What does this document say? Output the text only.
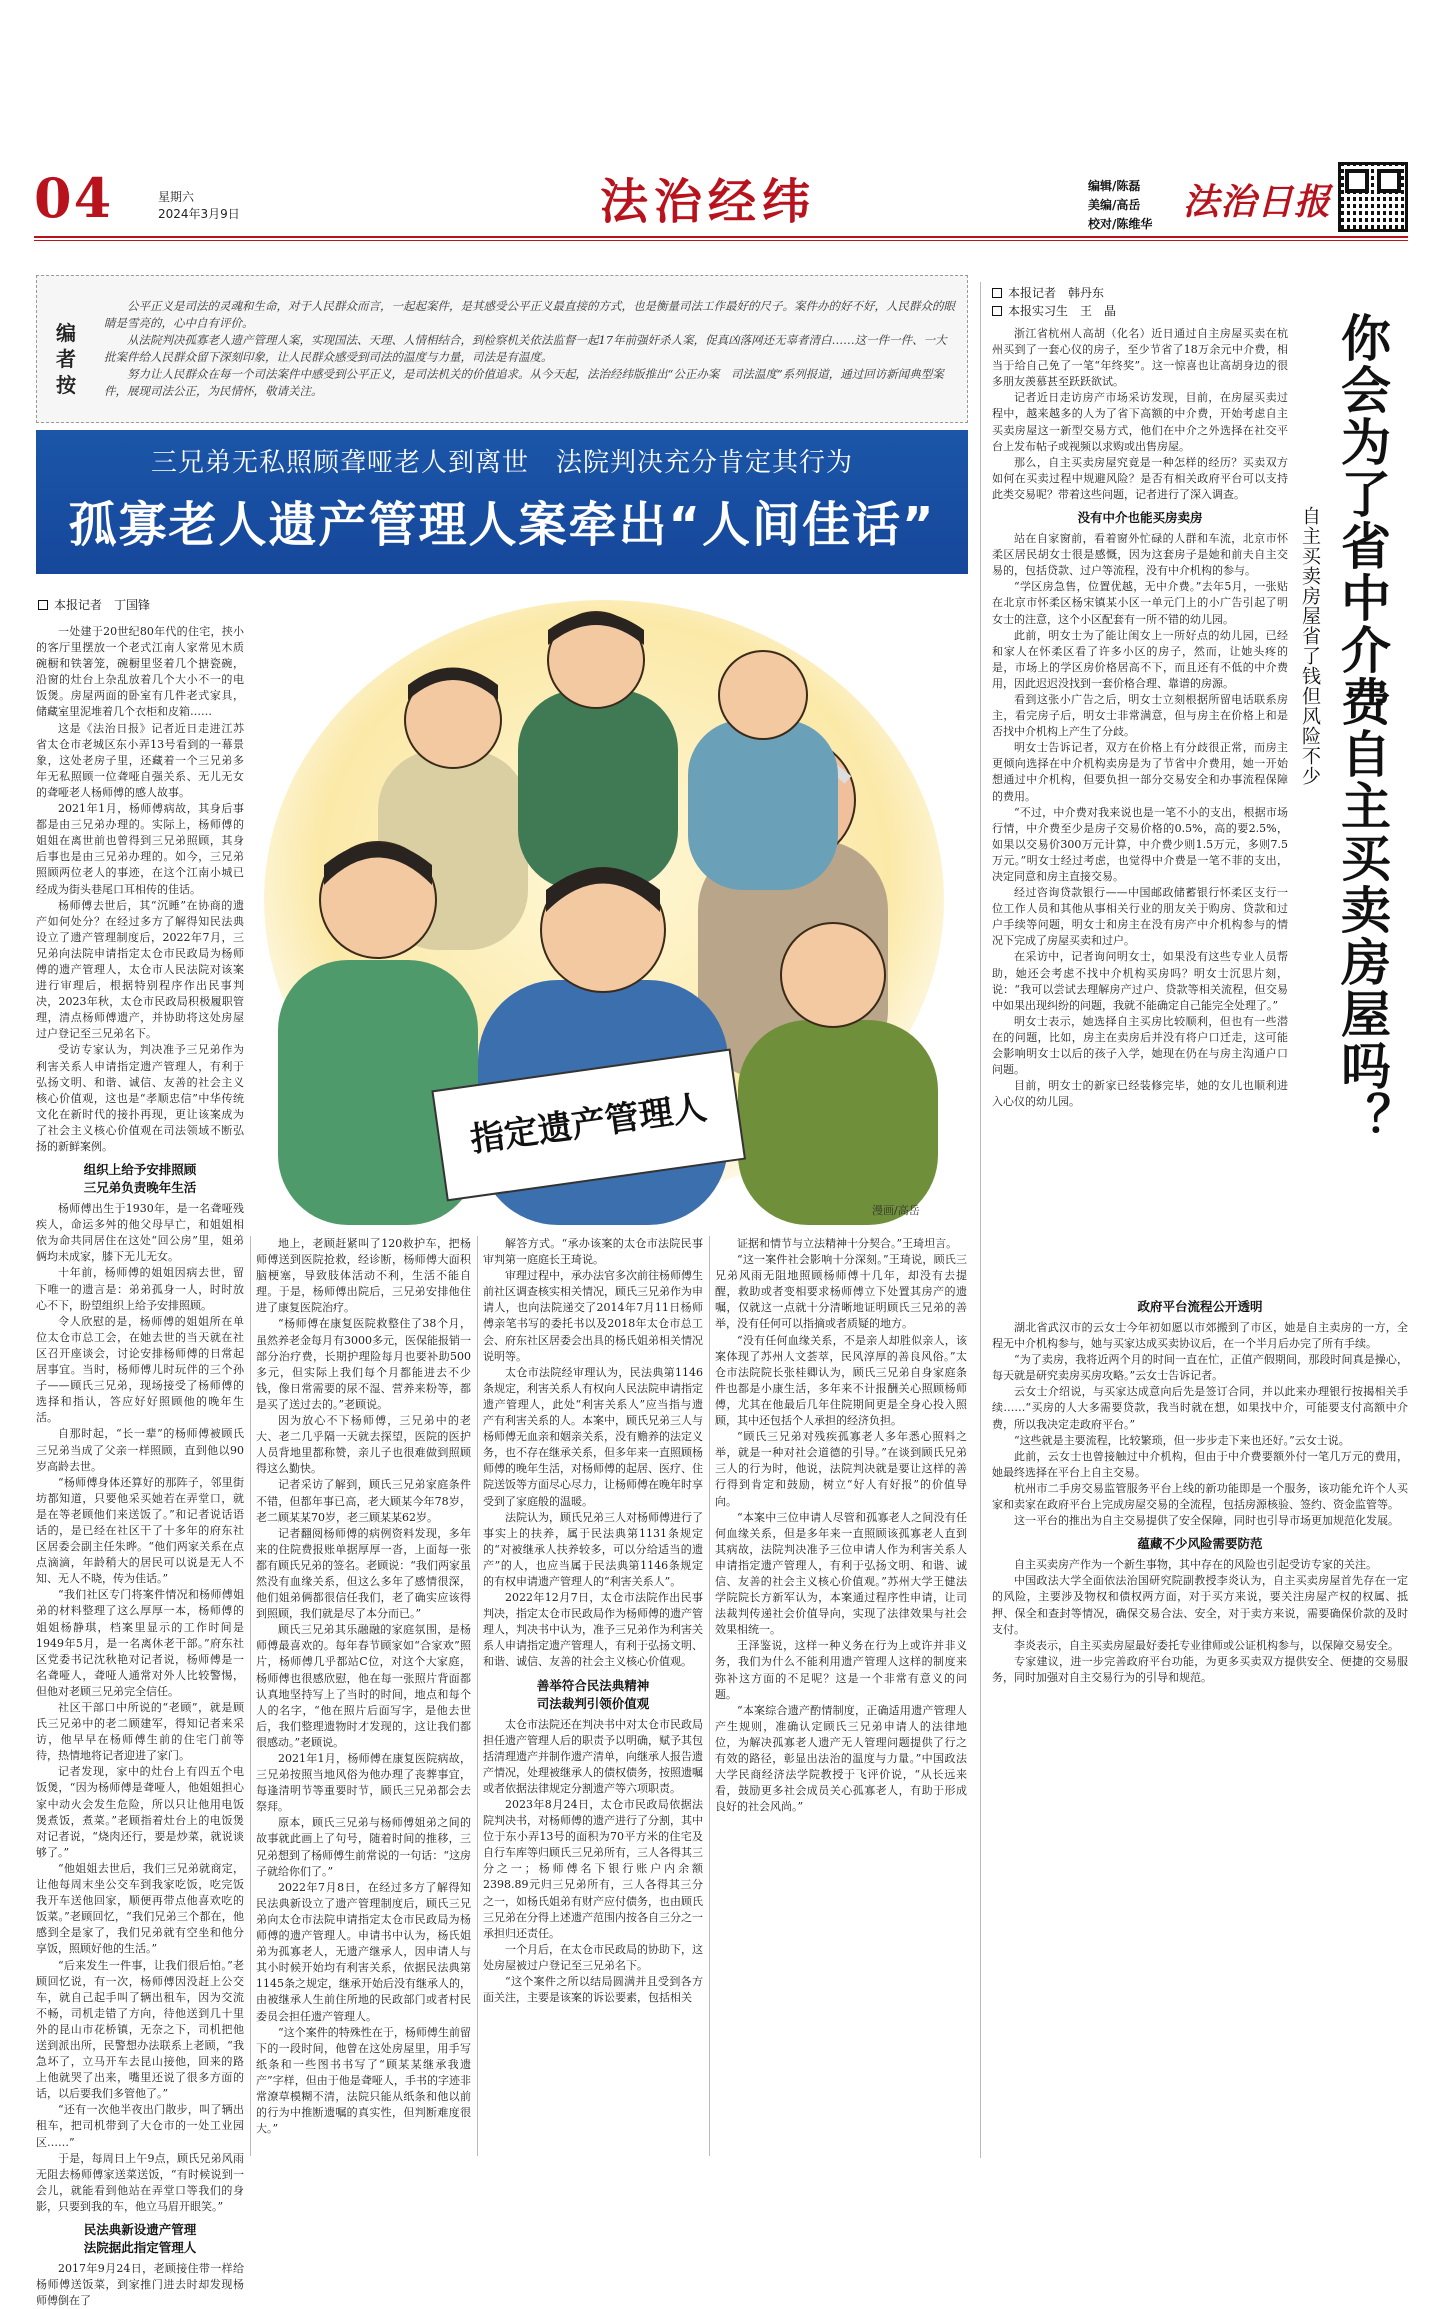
04	星期六
2024年3月9日	法治经纬	编辑/陈磊
美编/高岳
校对/陈维华
法治日报
编者按

公平正义是司法的灵魂和生命，对于人民群众而言，一起起案件，是其感受公平正义最直接的方式，也是衡量司法工作最好的尺子。案件办的好不好，人民群众的眼睛是雪亮的，心中自有评价。

从法院判决孤寡老人遗产管理人案，实现国法、天理、人情相结合，到检察机关依法监督一起17年前强奸杀人案，促真凶落网还无辜者清白……这一件一件、一大批案件给人民群众留下深刻印象，让人民群众感受到司法的温度与力量，司法是有温度。

努力让人民群众在每一个司法案件中感受到公平正义，是司法机关的价值追求。从今天起，法治经纬版推出“公正办案　司法温度”系列报道，通过回访新闻典型案件，展现司法公正，为民情怀，敬请关注。

三兄弟无私照顾聋哑老人到离世　法院判决充分肯定其行为
孤寡老人遗产管理人案牵出“人间佳话”
本报记者　丁国锋
指定遗产管理人
漫画/高岳

一处建于20世纪80年代的住宅，挟小的客厅里摆放一个老式江南人家常见木质碗橱和铁箸笼，碗橱里竖着几个搪瓷碗，沿窗的灶台上杂乱放着几个大小不一的电饭煲。房屋两面的卧室有几件老式家具，储藏室里泥堆着几个衣柜和皮箱……

这是《法治日报》记者近日走进江苏省太仓市老城区东小弄13号看到的一幕景象，这处老房子里，还藏着一个三兄弟多年无私照顾一位聋哑自强关系、无儿无女的聋哑老人杨师傅的感人故事。

2021年1月，杨师傅病故，其身后事都是由三兄弟办理的。实际上，杨师傅的姐姐在离世前也曾得到三兄弟照顾，其身后事也是由三兄弟办理的。如今，三兄弟照顾两位老人的事迹，在这个江南小城已经成为街头巷尾口耳相传的佳话。

杨师傅去世后，其“沉睡”在协商的遗产如何处分？在经过多方了解得知民法典设立了遗产管理制度后，2022年7月，三兄弟向法院申请指定太仓市民政局为杨师傅的遗产管理人，太仓市人民法院对该案进行审理后，根据特别程序作出民事判决，2023年秋，太仓市民政局积极履职管理，清点杨师傅遗产，并协助将这处房屋过户登记至三兄弟名下。

受访专家认为，判决准予三兄弟作为利害关系人申请指定遗产管理人，有利于弘扬文明、和谐、诚信、友善的社会主义核心价值观，这也是“孝顺忠信”中华传统文化在新时代的接扑再现，更让该案成为了社会主义核心价值观在司法领域不断弘扬的新鲜案例。

组织上给予安排照顾
三兄弟负责晚年生活

杨师傅出生于1930年，是一名聋哑残疾人，命运多舛的他父母早亡，和姐姐相依为命共同居住在这处“回公房”里，姐弟俩均未成家，膝下无儿无女。

十年前，杨师傅的姐姐因病去世，留下唯一的遗言是：弟弟孤身一人，时时放心不下，盼望组织上给予安排照顾。

令人欣慰的是，杨师傅的姐姐所在单位太仓市总工会，在她去世的当天就在社区召开座谈会，讨论安排杨师傅的日常起居事宜。当时，杨师傅儿时玩伴的三个孙子——顾氏三兄弟，现场接受了杨师傅的选择和指认，答应好好照顾他的晚年生活。

自那时起，“长一辈”的杨师傅被顾氏三兄弟当成了父亲一样照顾，直到他以90岁高龄去世。

“杨师傅身体还算好的那阵子，邻里街坊都知道，只要他采买她若在弄堂口，就是在等老顾他们来送饭了。”和记者说话语话的，是已经在社区干了十多年的府东社区居委会副主任朱晔。“他们两家关系在点点滴滴，年龄稍大的居民可以说是无人不知、无人不晓，传为佳话。”

“我们社区专门将案件情况和杨师傅姐弟的材料整理了这么厚厚一本，杨师傅的姐姐杨静琪，档案里显示的工作时间是1949年5月，是一名离休老干部。”府东社区党委书记沈秋艳对记者说，杨师傅是一名聋哑人，聋哑人通常对外人比较警惕，但他对老顾三兄弟完全信任。

社区干部口中所说的“老顾”，就是顾氏三兄弟中的老二顾建军，得知记者来采访，他早早在杨师傅生前的住宅门前等待，热情地将记者迎进了家门。

记者发现，家中的灶台上有四五个电饭煲，“因为杨师傅是聋哑人，他姐姐担心家中动火会发生危险，所以只让他用电饭煲煮饭，煮菜。”老顾指着灶台上的电饭煲对记者说，“烧肉还行，要是炒菜，就说谈够了。”

“他姐姐去世后，我们三兄弟就商定，让他每周末坐公交车到我家吃饭，吃完饭我开车送他回家，顺便再带点他喜欢吃的饭菜。”老顾回忆，“我们兄弟三个都在，他感到全是家了，我们兄弟就有空坐和他分享饭，照顾好他的生活。”

“后来发生一件事，让我们很后怕。”老顾回忆说，有一次，杨师傅因没赶上公交车，就自己起手叫了辆出租车，因为交流不畅，司机走错了方向，待他送到几十里外的昆山市花桥镇，无奈之下，司机把他送到派出所，民警想办法联系上老顾，“我急坏了，立马开车去昆山接他，回来的路上他就哭了出来，嘴里还说了很多方面的话，以后要我们多管他了。”

“还有一次他半夜出门散步，叫了辆出租车，把司机带到了大仓市的一处工业园区……”

于是，每周日上午9点，顾氏兄弟风雨无阻去杨师傅家送菜送饭，“有时候说到一会儿，就能看到他站在弄堂口等我们的身影，只要到我的车，他立马眉开眼笑。”

民法典新设遗产管理
法院据此指定管理人

2017年9月24日，老顾接住带一样给杨师傅送饭菜，到家推门进去时却发现杨师傅倒在了

地上，老顾赶紧叫了120救护车，把杨师傅送到医院抢救，经诊断，杨师傅大面积脑梗塞，导致肢体活动不利，生活不能自理。于是，杨师傅出院后，三兄弟安排他住进了康复医院治疗。

“杨师傅在康复医院救整住了38个月，虽然养老金每月有3000多元，医保能报销一部分治疗费，长期护理险每月也要补助500多元，但实际上我们每个月都能进去不少钱，像日常需要的尿不湿、营养来粉等，都是买了送过去的。”老顾说。

因为放心不下杨师傅，三兄弟中的老大、老二几乎隔一天就去探望，医院的医护人员背地里都称赞，亲儿子也很难做到照顾得这么勤快。

记者采访了解到，顾氏三兄弟家庭条件不错，但都年事已高，老大顾某今年78岁，老二顾某某70岁，老三顾某某62岁。

记者翻阅杨师傅的病例资料发现，多年来的住院费报账单据厚厚一沓，上面每一张都有顾氏兄弟的签名。老顾说：“我们两家虽然没有血缘关系，但这么多年了感情很深，他们姐弟俩都很信任我们，老了确实应该得到照顾，我们就是尽了本分而已。”

顾氏三兄弟其乐融融的家庭氛围，是杨师傅最喜欢的。每年春节顾家如“合家欢”照片，杨师傅几乎都站C位，对这个大家庭，杨师傅也很感欣慰，他在每一张照片背面都认真地坚持写上了当时的时间，地点和每个人的名字，“他在照片后面写字，是他去世后，我们整理遗物时才发现的，这让我们都很感动。”老顾说。

2021年1月，杨师傅在康复医院病故，三兄弟按照当地风俗为他办理了丧葬事宜，每逢清明节等重要时节，顾氏三兄弟都会去祭拜。

原本，顾氏三兄弟与杨师傅姐弟之间的故事就此画上了句号，随着时间的推移，三兄弟想到了杨师傅生前常说的一句话：“这房子就给你们了。”

2022年7月8日，在经过多方了解得知民法典新设立了遗产管理制度后，顾氏三兄弟向太仓市法院申请指定太仓市民政局为杨师傅的遗产管理人。申请书中认为，杨氏姐弟为孤寡老人，无遗产继承人，因申请人与其小时候开始均有利害关系，依据民法典第1145条之规定，继承开始后没有继承人的，由被继承人生前住所地的民政部门或者村民委员会担任遗产管理人。

“这个案件的特殊性在于，杨师傅生前留下的一段时间，他曾在这处房屋里，用手写纸条和一些图书书写了“顾某某继承我遗产”字样，但由于他是聋哑人，手书的字迹非常潦草模糊不清，法院只能从纸条和他以前的行为中推断遗嘱的真实性，但判断难度很大。”

解答方式。“承办该案的太仓市法院民事审判第一庭庭长王琦说。

审理过程中，承办法官多次前往杨师傅生前社区调查核实相关情况，顾氏三兄弟作为申请人，也向法院递交了2014年7月11日杨师傅亲笔书写的委托书以及2018年太仓市总工会、府东社区居委会出具的杨氏姐弟相关情况说明等。

太仓市法院经审理认为，民法典第1146条规定，利害关系人有权向人民法院申请指定遗产管理人，此处“利害关系人”应当指与遗产有利害关系的人。本案中，顾氏兄弟三人与杨师傅无血亲和姻亲关系，没有赡养的法定义务，也不存在继承关系，但多年来一直照顾杨师傅的晚年生活，对杨师傅的起居、医疗、住院送饭等方面尽心尽力，让杨师傅在晚年时享受到了家庭般的温暖。

法院认为，顾氏兄弟三人对杨师傅进行了事实上的扶养，属于民法典第1131条规定的“对被继承人扶养较多，可以分给适当的遗产”的人，也应当属于民法典第1146条规定的有权申请遗产管理人的“利害关系人”。

2022年12月7日，太仓市法院作出民事判决，指定太仓市民政局作为杨师傅的遗产管理人，判决书中认为，准予三兄弟作为利害关系人申请指定遗产管理人，有利于弘扬文明、和谐、诚信、友善的社会主义核心价值观。

善举符合民法典精神
司法裁判引领价值观

太仓市法院还在判决书中对太仓市民政局担任遗产管理人后的职责予以明确，赋予其包括清理遗产并制作遗产清单，向继承人报告遗产情况，处理被继承人的债权债务，按照遗嘱或者依据法律规定分割遗产等六项职责。

2023年8月24日，太仓市民政局依据法院判决书，对杨师傅的遗产进行了分割，其中位于东小弄13号的面积为70平方米的住宅及自行车库等归顾氏三兄弟所有，三人各得其三分之一；杨师傅名下银行账户内余额2398.89元归三兄弟所有，三人各得其三分之一，如杨氏姐弟有财产应付债务，也由顾氏三兄弟在分得上述遗产范围内按各自三分之一承担归还责任。

一个月后，在太仓市民政局的协助下，这处房屋被过户登记至三兄弟名下。

“这个案件之所以结局圆满并且受到各方面关注，主要是该案的诉讼要素，包括相关

证据和情节与立法精神十分契合。”王琦坦言。

“这一案件社会影响十分深刻。”王琦说，顾氏三兄弟风雨无阻地照顾杨师傅十几年，却没有去提醒，救助或者变相要求杨师傅立下处置其房产的遗嘱，仅就这一点就十分清晰地证明顾氏三兄弟的善举，没有任何可以指摘或者质疑的地方。

“没有任何血缘关系，不是亲人却胜似亲人，该案体现了苏州人文荟萃，民风淳厚的善良风俗。”太仓市法院院长张桂卿认为，顾氏三兄弟自身家庭条件也都是小康生活，多年来不计报酬关心照顾杨师傅，尤其在他最后几年住院期间更是全身心投入照顾，其中还包括个人承担的经济负担。

“顾氏三兄弟对残疾孤寡老人多年悉心照料之举，就是一种对社会道德的引导。”在谈到顾氏兄弟三人的行为时，他说，法院判决就是要让这样的善行得到肯定和鼓励，树立“好人有好报”的价值导向。

“本案中三位申请人尽管和孤寡老人之间没有任何血缘关系，但是多年来一直照顾该孤寡老人直到其病故，法院判决准予三位申请人作为利害关系人申请指定遗产管理人，有利于弘扬文明、和谐、诚信、友善的社会主义核心价值观。”苏州大学王健法学院院长方新军认为，本案通过程序性申请，让司法裁判传递社会价值导向，实现了法律效果与社会效果相统一。

王泽鉴说，这样一种义务在行为上或许并非义务，我们为什么不能利用遗产管理人这样的制度来弥补这方面的不足呢？这是一个非常有意义的问题。

“本案综合遗产酌情制度，正确适用遗产管理人产生规则，准确认定顾氏三兄弟申请人的法律地位，为解决孤寡老人遗产无人管理问题提供了行之有效的路径，彰显出法治的温度与力量。”中国政法大学民商经济法学院教授于飞评价说，“从长远来看，鼓励更多社会成员关心孤寡老人，有助于形成良好的社会风尚。”

本报记者　韩丹东
本报实习生　王　晶
你会为了省中介费自主买卖房屋吗？
自主买卖房屋省了钱但风险不少

浙江省杭州人高胡（化名）近日通过自主房屋买卖在杭州买到了一套心仪的房子，至少节省了18万余元中介费，相当于给自己免了一笔“年终奖”。这一惊喜也让高胡身边的很多朋友羡慕甚至跃跃欲试。

记者近日走访房产市场采访发现，目前，在房屋买卖过程中，越来越多的人为了省下高额的中介费，开始考虑自主买卖房屋这一新型交易方式，他们在中介之外选择在社交平台上发布帖子或视频以求购或出售房屋。

那么，自主买卖房屋究竟是一种怎样的经历？买卖双方如何在买卖过程中规避风险？是否有相关政府平台可以支持此类交易呢？带着这些问题，记者进行了深入调查。

没有中介也能买房卖房

站在自家窗前，看着窗外忙碌的人群和车流，北京市怀柔区居民胡女士很是感慨，因为这套房子是她和前夫自主交易的，包括贷款、过户等流程，没有中介机构的参与。

“学区房急售，位置优越，无中介费。”去年5月，一张贴在北京市怀柔区杨宋镇某小区一单元门上的小广告引起了明女士的注意，这个小区配套有一所不错的幼儿园。

此前，明女士为了能让闺女上一所好点的幼儿园，已经和家人在怀柔区看了许多小区的房子，然而，让她头疼的是，市场上的学区房价格居高不下，而且还有不低的中介费用，因此迟迟没找到一套价格合理、靠谱的房源。

看到这张小广告之后，明女士立刻根据所留电话联系房主，看完房子后，明女士非常满意，但与房主在价格上和是否找中介机构上产生了分歧。

明女士告诉记者，双方在价格上有分歧很正常，而房主更倾向选择在中介机构卖房是为了节省中介费用，她一开始想通过中介机构，但要负担一部分交易安全和办事流程保障的费用。

“不过，中介费对我来说也是一笔不小的支出，根据市场行情，中介费至少是房子交易价格的0.5%，高的要2.5%，如果以交易价300万元计算，中介费少则1.5万元，多则7.5万元。”明女士经过考虑，也觉得中介费是一笔不菲的支出，决定同意和房主直接交易。

经过咨询贷款银行——中国邮政储蓄银行怀柔区支行一位工作人员和其他从事相关行业的朋友关于购房、贷款和过户手续等问题，明女士和房主在没有房产中介机构参与的情况下完成了房屋买卖和过户。

在采访中，记者询问明女士，如果没有这些专业人员帮助，她还会考虑不找中介机构买房吗？明女士沉思片刻，说：“我可以尝试去理解房产过户、贷款等相关流程，但交易中如果出现纠纷的问题，我就不能确定自己能完全处理了。”

明女士表示，她选择自主买房比较顺利，但也有一些潜在的问题，比如，房主在卖房后并没有将户口迁走，这可能会影响明女士以后的孩子入学，她现在仍在与房主沟通户口问题。

目前，明女士的新家已经装修完毕，她的女儿也顺利进入心仪的幼儿园。

政府平台流程公开透明

湖北省武汉市的云女士今年初如愿以市郊搬到了市区，她是自主卖房的一方，全程无中介机构参与，她与买家达成买卖协议后，在一个半月后办完了所有手续。

“为了卖房，我将近两个月的时间一直在忙，正值产假期间，那段时间真是操心，每天就是研究卖房买房攻略。”云女士告诉记者。

云女士介绍说，与买家达成意向后先是签订合同，并以此来办理银行按揭相关手续……“买房的人大多需要贷款，我当时就在想，如果找中介，可能要支付高额中介费，所以我决定走政府平台。”

“这些就是主要流程，比较繁琐，但一步步走下来也还好。”云女士说。

此前，云女士也曾接触过中介机构，但由于中介费要额外付一笔几万元的费用，她最终选择在平台上自主交易。

杭州市二手房交易监管服务平台上线的新功能即是一个服务，该功能允许个人买家和卖家在政府平台上完成房屋交易的全流程，包括房源核验、签约、资金监管等。

这一平台的推出为自主交易提供了安全保障，同时也引导市场更加规范化发展。

蕴藏不少风险需要防范

自主买卖房产作为一个新生事物，其中存在的风险也引起受访专家的关注。

中国政法大学全面依法治国研究院副教授李炎认为，自主买卖房屋首先存在一定的风险，主要涉及物权和债权两方面，对于买方来说，要关注房屋产权的权属、抵押、保全和查封等情况，确保交易合法、安全，对于卖方来说，需要确保价款的及时支付。

李炎表示，自主买卖房屋最好委托专业律师或公证机构参与，以保障交易安全。

专家建议，进一步完善政府平台功能，为更多买卖双方提供安全、便捷的交易服务，同时加强对自主交易行为的引导和规范。
